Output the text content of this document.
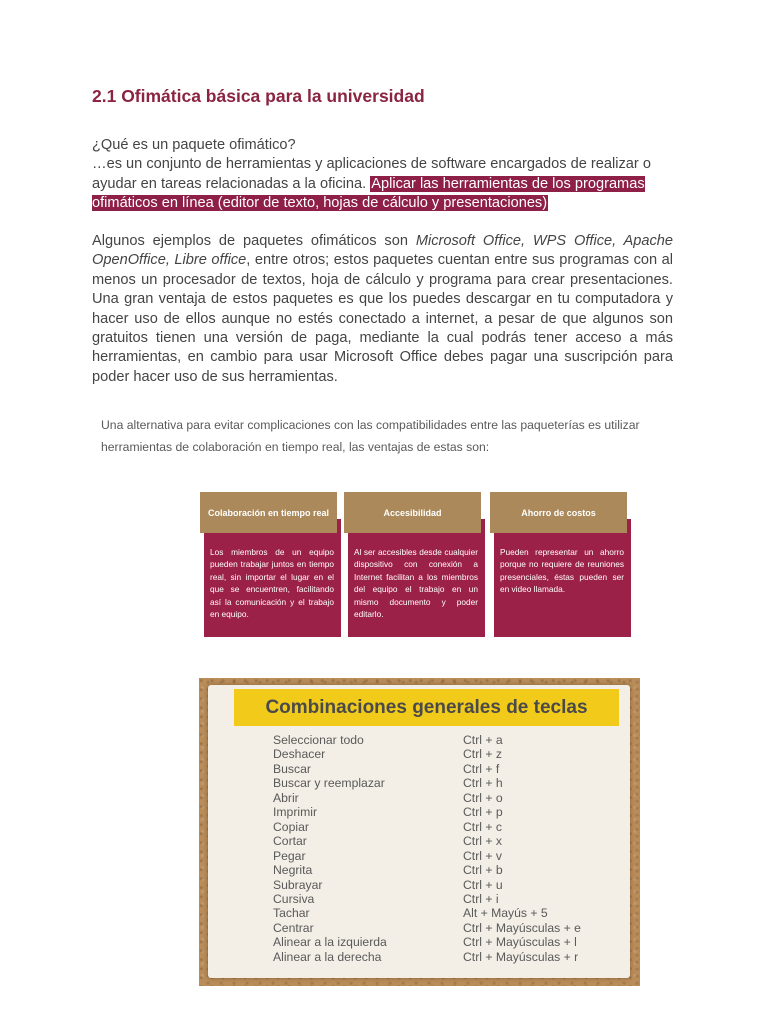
2.1 Ofimática básica para la universidad
¿Qué es un paquete ofimático?
…es un conjunto de herramientas y aplicaciones de software encargados de realizar o ayudar en tareas relacionadas a la oficina. Aplicar las herramientas de los programas ofimáticos en línea (editor de texto, hojas de cálculo y presentaciones)
Algunos ejemplos de paquetes ofimáticos son Microsoft Office, WPS Office, Apache OpenOffice, Libre office, entre otros; estos paquetes cuentan entre sus programas con al menos un procesador de textos, hoja de cálculo y programa para crear presentaciones. Una gran ventaja de estos paquetes es que los puedes descargar en tu computadora y hacer uso de ellos aunque no estés conectado a internet, a pesar de que algunos son gratuitos tienen una versión de paga, mediante la cual podrás tener acceso a más herramientas, en cambio para usar Microsoft Office debes pagar una suscripción para poder hacer uso de sus herramientas.
Una alternativa para evitar complicaciones con las compatibilidades entre las paqueterías es utilizar herramientas de colaboración en tiempo real, las ventajas de estas son:
Colaboración en tiempo real
Los miembros de un equipo pueden trabajar juntos en tiempo real, sin importar el lugar en el que se encuentren, facilitando así la comunicación y el trabajo en equipo.
Accesibilidad
Al ser accesibles desde cualquier dispositivo con conexión a Internet facilitan a los miembros del equipo el trabajo en un mismo documento y poder editarlo.
Ahorro de costos
Pueden representar un ahorro porque no requiere de reuniones presenciales, éstas pueden ser en video llamada.
Combinaciones generales de teclas
Seleccionar todo	Ctrl + a
Deshacer	Ctrl + z
Buscar	Ctrl + f
Buscar y reemplazar	Ctrl + h
Abrir	Ctrl + o
Imprimir	Ctrl + p
Copiar	Ctrl + c
Cortar	Ctrl + x
Pegar	Ctrl + v
Negrita	Ctrl + b
Subrayar	Ctrl + u
Cursiva	Ctrl + i
Tachar	Alt + Mayús + 5
Centrar	Ctrl + Mayúsculas + e
Alinear a la izquierda	Ctrl + Mayúsculas + l
Alinear a la derecha	Ctrl + Mayúsculas + r
